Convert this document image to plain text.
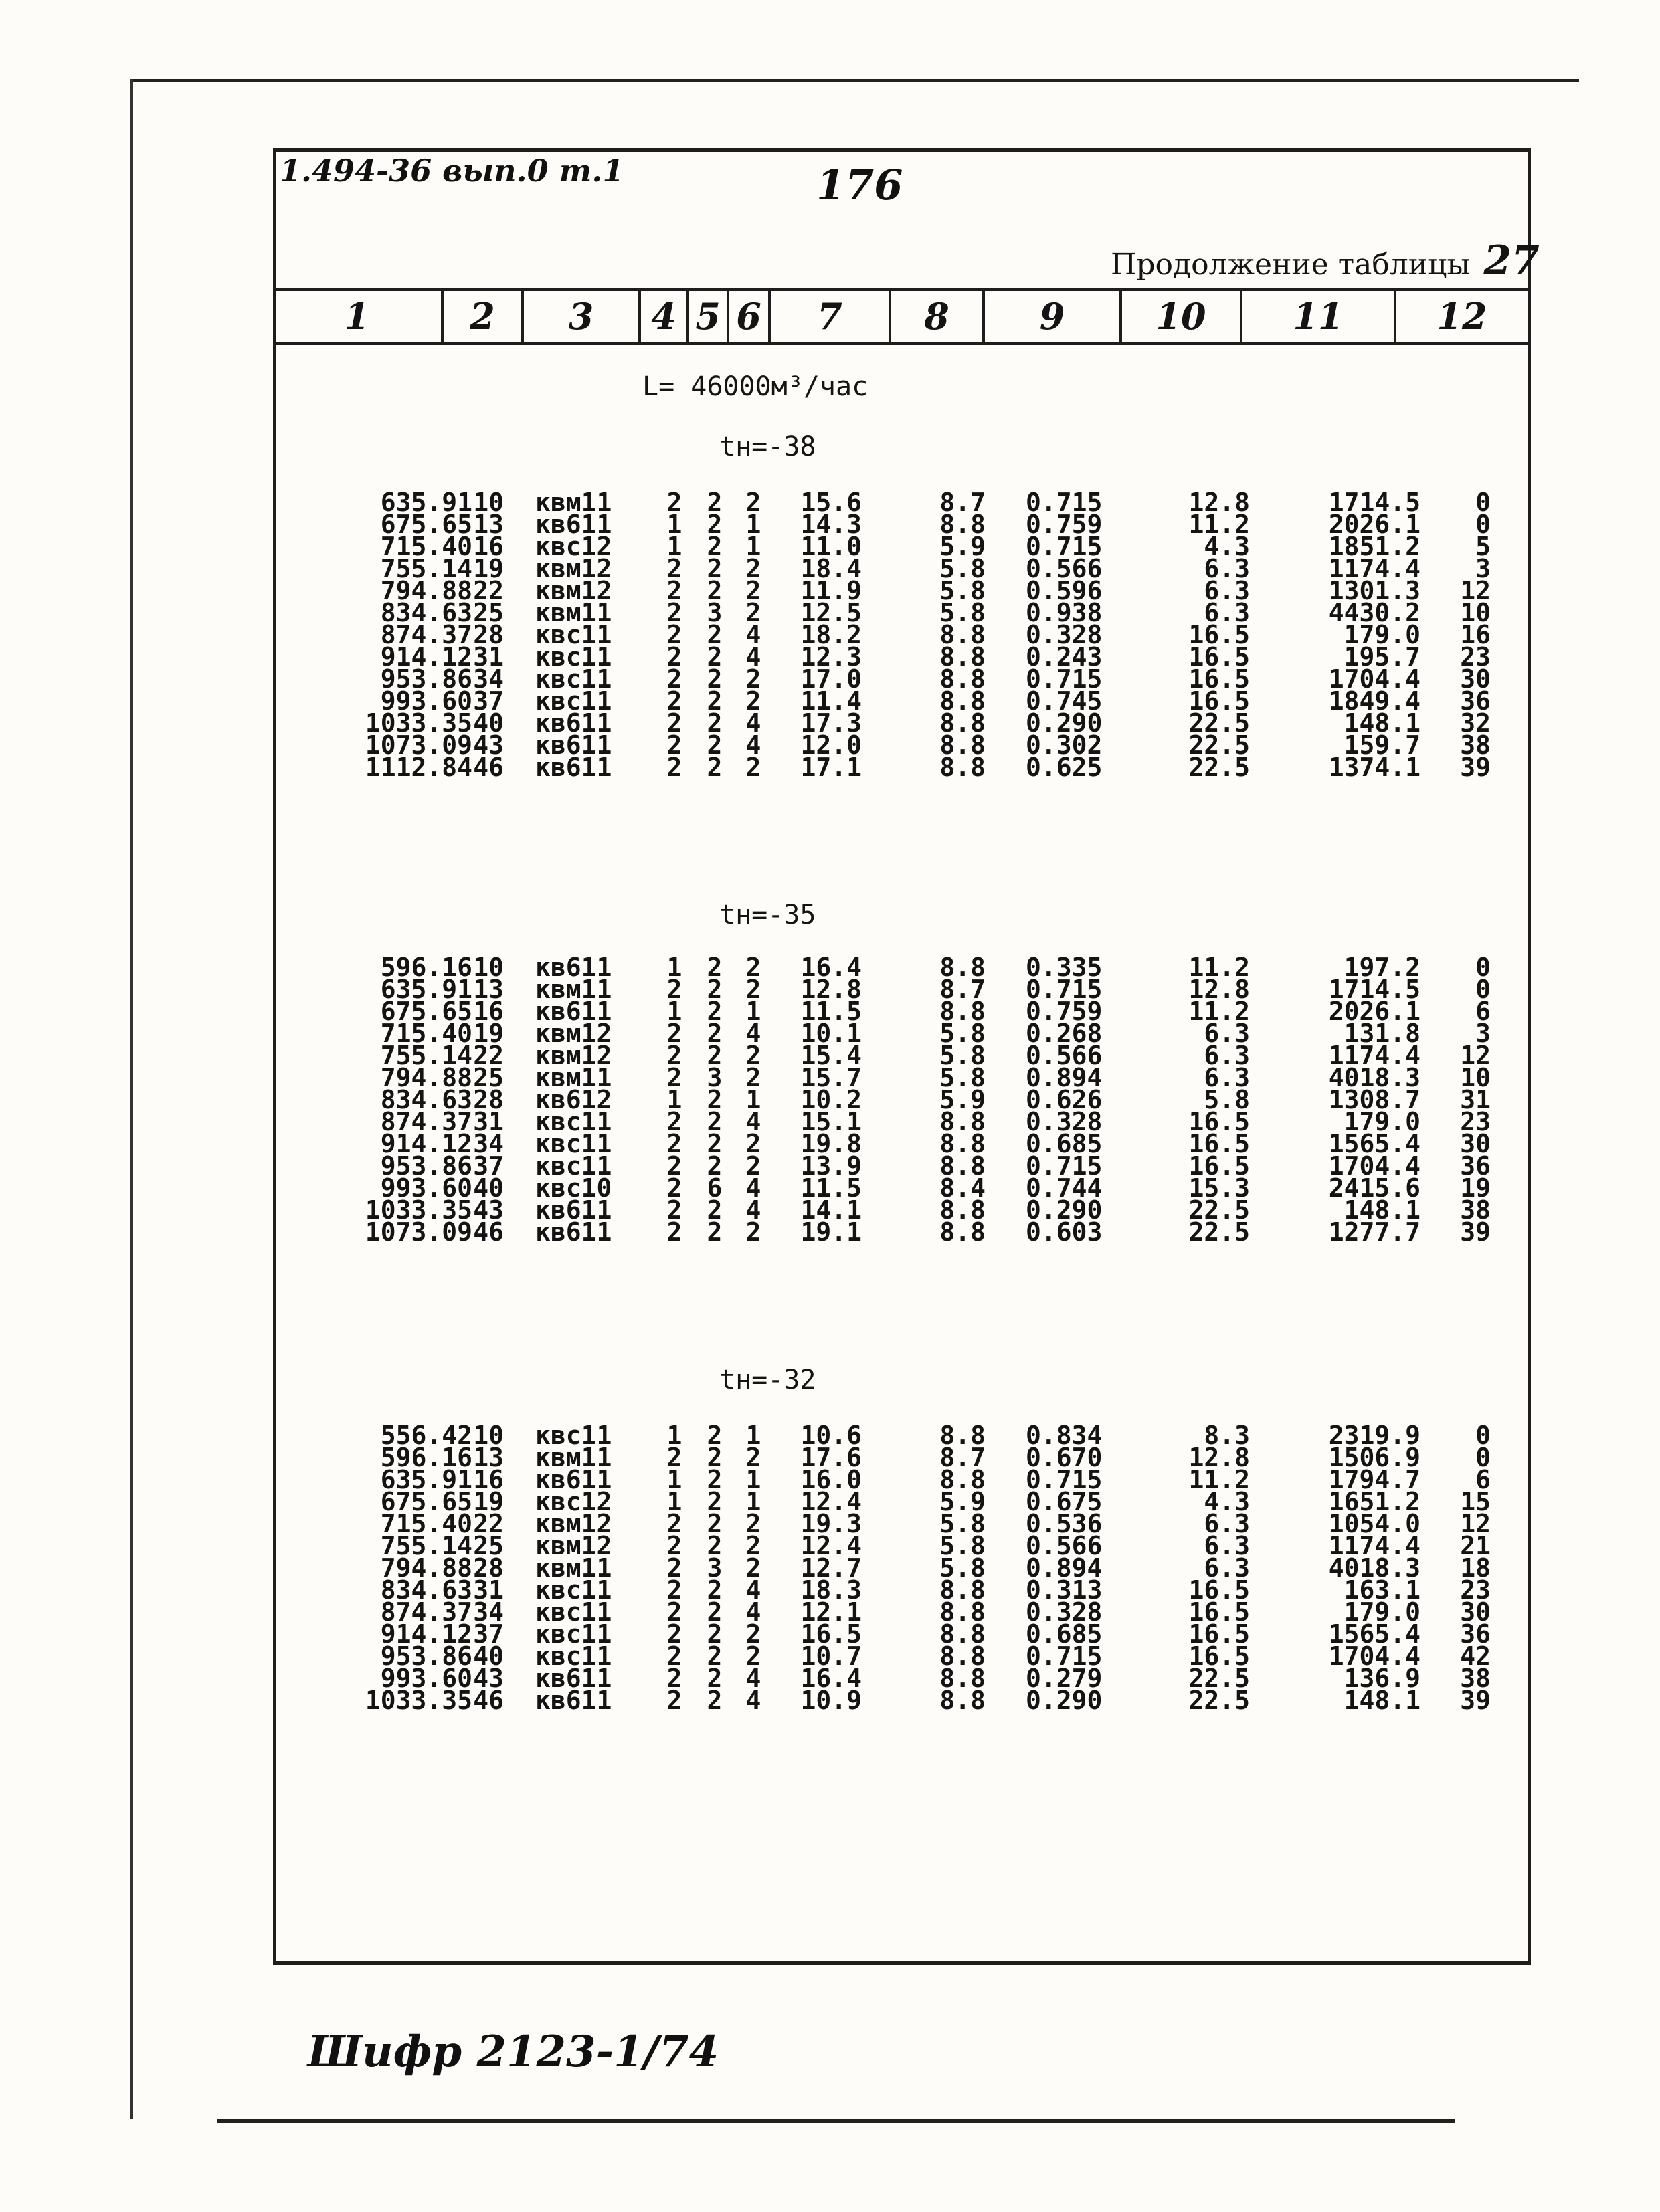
1.494-36 вып.0 т.1	176
Продолжение таблицы 27
1	2	3	4 5 6	7	8	9	10	11	12
L= 46000м³/час
tн=-38
635.91 10 квм11	2 2 2	15.6	8.7 0.715	12.8	1714.5	0
675.65 13 кв611	1 2 1	14.3	8.8 0.759	11.2	2026.1	0
715.40 16 квс12	1 2 1	11.0	5.9 0.715	4.3	1851.2	5
755.14 19 квм12	2 2 2	18.4	5.8 0.566	6.3	1174.4	3
794.88 22 квм12	2 2 2	11.9	5.8 0.596	6.3	1301.3	12
834.63 25 квм11	2 3 2	12.5	5.8 0.938	6.3	4430.2	10
874.37 28 квс11	2 2 4	18.2	8.8 0.328	16.5	179.0	16
914.12 31 квс11	2 2 4	12.3	8.8 0.243	16.5	195.7	23
953.86 34 квс11	2 2 2	17.0	8.8 0.715	16.5	1704.4	30
993.60 37 квс11	2 2 2	11.4	8.8 0.745	16.5	1849.4	36
1033.35 40 кв611	2 2 4	17.3	8.8 0.290	22.5	148.1	32
1073.09 43 кв611	2 2 4	12.0	8.8 0.302	22.5	159.7	38
1112.84 46 кв611	2 2 2	17.1	8.8 0.625	22.5	1374.1	39
tн=-35
596.16 10 кв611	1 2 2	16.4	8.8 0.335	11.2	197.2	0
635.91 13 квм11	2 2 2	12.8	8.7 0.715	12.8	1714.5	0
675.65 16 кв611	1 2 1	11.5	8.8 0.759	11.2	2026.1	6
715.40 19 квм12	2 2 4	10.1	5.8 0.268	6.3	131.8	3
755.14 22 квм12	2 2 2	15.4	5.8 0.566	6.3	1174.4	12
794.88 25 квм11	2 3 2	15.7	5.8 0.894	6.3	4018.3	10
834.63 28 кв612	1 2 1	10.2	5.9 0.626	5.8	1308.7	31
874.37 31 квс11	2 2 4	15.1	8.8 0.328	16.5	179.0	23
914.12 34 квс11	2 2 2	19.8	8.8 0.685	16.5	1565.4	30
953.86 37 квс11	2 2 2	13.9	8.8 0.715	16.5	1704.4	36
993.60 40 квс10	2 6 4	11.5	8.4 0.744	15.3	2415.6	19
1033.35 43 кв611	2 2 4	14.1	8.8 0.290	22.5	148.1	38
1073.09 46 кв611	2 2 2	19.1	8.8 0.603	22.5	1277.7	39
tн=-32
556.42 10 квс11	1 2 1	10.6	8.8 0.834	8.3	2319.9	0
596.16 13 квм11	2 2 2	17.6	8.7 0.670	12.8	1506.9	0
635.91 16 кв611	1 2 1	16.0	8.8 0.715	11.2	1794.7	6
675.65 19 квс12	1 2 1	12.4	5.9 0.675	4.3	1651.2	15
715.40 22 квм12	2 2 2	19.3	5.8 0.536	6.3	1054.0	12
755.14 25 квм12	2 2 2	12.4	5.8 0.566	6.3	1174.4	21
794.88 28 квм11	2 3 2	12.7	5.8 0.894	6.3	4018.3	18
834.63 31 квс11	2 2 4	18.3	8.8 0.313	16.5	163.1	23
874.37 34 квс11	2 2 4	12.1	8.8 0.328	16.5	179.0	30
914.12 37 квс11	2 2 2	16.5	8.8 0.685	16.5	1565.4	36
953.86 40 квс11	2 2 2	10.7	8.8 0.715	16.5	1704.4	42
993.60 43 кв611	2 2 4	16.4	8.8 0.279	22.5	136.9	38
1033.35 46 кв611	2 2 4	10.9	8.8 0.290	22.5	148.1	39
Шифр 2123-1/74
